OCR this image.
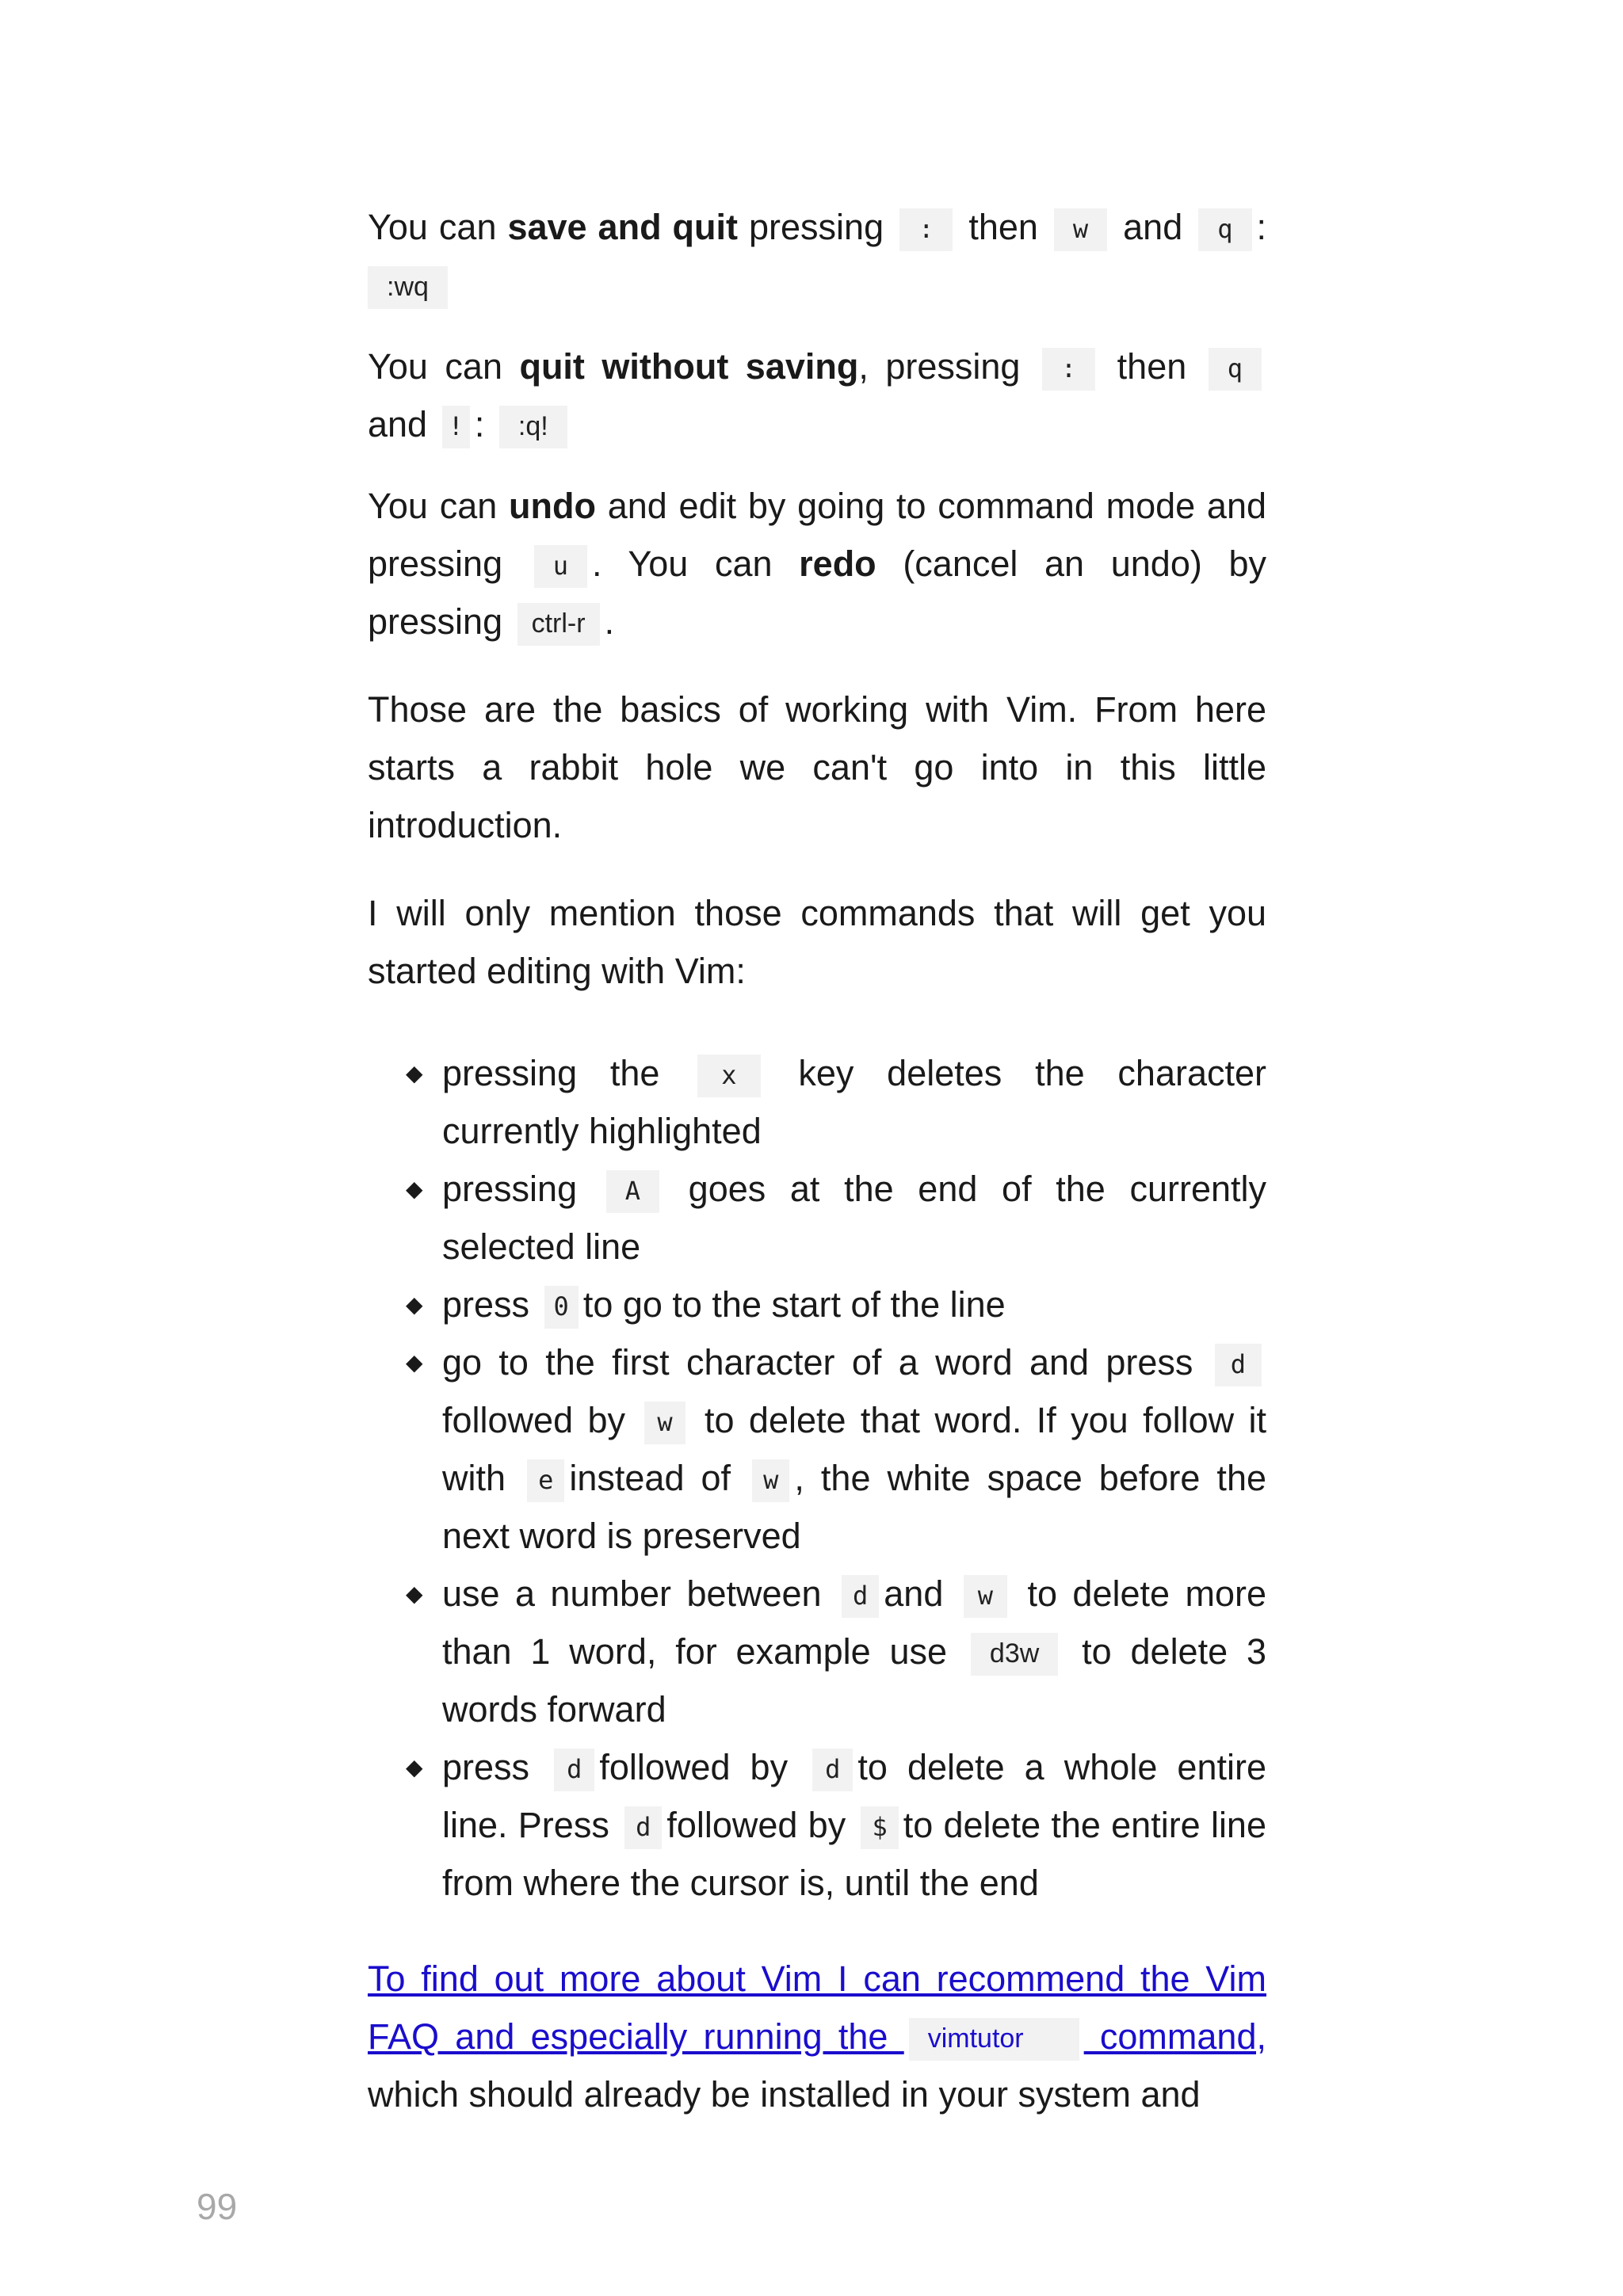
You can save and quit pressing : then w and q : :wq

You can quit without saving, pressing : then q and ! : :q!

You can undo and edit by going to command mode and pressing u . You can redo (cancel an undo) by pressing ctrl-r .

Those are the basics of working with Vim. From here starts a rabbit hole we can't go into in this little introduction.

I will only mention those commands that will get you started editing with Vim:

◆ pressing the x key deletes the character currently highlighted
◆ pressing A goes at the end of the currently selected line
◆ press 0 to go to the start of the line
◆ go to the first character of a word and press d followed by w to delete that word. If you follow it with e instead of w , the white space before the next word is preserved
◆ use a number between d and w to delete more than 1 word, for example use d3w to delete 3 words forward
◆ press d followed by d to delete a whole entire line. Press d followed by $ to delete the entire line from where the cursor is, until the end

To find out more about Vim I can recommend the Vim FAQ and especially running the vimtutor command, which should already be installed in your system and

99
